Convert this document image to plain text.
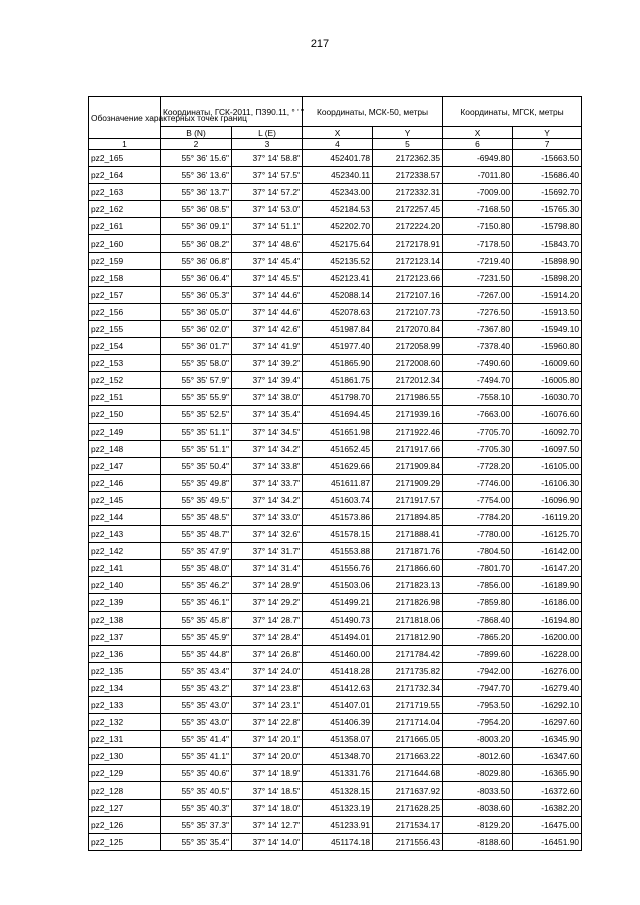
217
Обозначение характерных точек границ	Координаты, ГСК-2011, ПЗ90.11, ° ' "		Координаты, МСК-50, метры		Координаты, МГСК, метры	
	B (N)	L (E)	X	Y	X	Y
1	2	3	4	5	6	7
pz2_165	55° 36' 15.6"	37° 14' 58.8"	452401.78	2172362.35	-6949.80	-15663.50
pz2_164	55° 36' 13.6"	37° 14' 57.5"	452340.11	2172338.57	-7011.80	-15686.40
pz2_163	55° 36' 13.7"	37° 14' 57.2"	452343.00	2172332.31	-7009.00	-15692.70
pz2_162	55° 36' 08.5"	37° 14' 53.0"	452184.53	2172257.45	-7168.50	-15765.30
pz2_161	55° 36' 09.1"	37° 14' 51.1"	452202.70	2172224.20	-7150.80	-15798.80
pz2_160	55° 36' 08.2"	37° 14' 48.6"	452175.64	2172178.91	-7178.50	-15843.70
pz2_159	55° 36' 06.8"	37° 14' 45.4"	452135.52	2172123.14	-7219.40	-15898.90
pz2_158	55° 36' 06.4"	37° 14' 45.5"	452123.41	2172123.66	-7231.50	-15898.20
pz2_157	55° 36' 05.3"	37° 14' 44.6"	452088.14	2172107.16	-7267.00	-15914.20
pz2_156	55° 36' 05.0"	37° 14' 44.6"	452078.63	2172107.73	-7276.50	-15913.50
pz2_155	55° 36' 02.0"	37° 14' 42.6"	451987.84	2172070.84	-7367.80	-15949.10
pz2_154	55° 36' 01.7"	37° 14' 41.9"	451977.40	2172058.99	-7378.40	-15960.80
pz2_153	55° 35' 58.0"	37° 14' 39.2"	451865.90	2172008.60	-7490.60	-16009.60
pz2_152	55° 35' 57.9"	37° 14' 39.4"	451861.75	2172012.34	-7494.70	-16005.80
pz2_151	55° 35' 55.9"	37° 14' 38.0"	451798.70	2171986.55	-7558.10	-16030.70
pz2_150	55° 35' 52.5"	37° 14' 35.4"	451694.45	2171939.16	-7663.00	-16076.60
pz2_149	55° 35' 51.1"	37° 14' 34.5"	451651.98	2171922.46	-7705.70	-16092.70
pz2_148	55° 35' 51.1"	37° 14' 34.2"	451652.45	2171917.66	-7705.30	-16097.50
pz2_147	55° 35' 50.4"	37° 14' 33.8"	451629.66	2171909.84	-7728.20	-16105.00
pz2_146	55° 35' 49.8"	37° 14' 33.7"	451611.87	2171909.29	-7746.00	-16106.30
pz2_145	55° 35' 49.5"	37° 14' 34.2"	451603.74	2171917.57	-7754.00	-16096.90
pz2_144	55° 35' 48.5"	37° 14' 33.0"	451573.86	2171894.85	-7784.20	-16119.20
pz2_143	55° 35' 48.7"	37° 14' 32.6"	451578.15	2171888.41	-7780.00	-16125.70
pz2_142	55° 35' 47.9"	37° 14' 31.7"	451553.88	2171871.76	-7804.50	-16142.00
pz2_141	55° 35' 48.0"	37° 14' 31.4"	451556.76	2171866.60	-7801.70	-16147.20
pz2_140	55° 35' 46.2"	37° 14' 28.9"	451503.06	2171823.13	-7856.00	-16189.90
pz2_139	55° 35' 46.1"	37° 14' 29.2"	451499.21	2171826.98	-7859.80	-16186.00
pz2_138	55° 35' 45.8"	37° 14' 28.7"	451490.73	2171818.06	-7868.40	-16194.80
pz2_137	55° 35' 45.9"	37° 14' 28.4"	451494.01	2171812.90	-7865.20	-16200.00
pz2_136	55° 35' 44.8"	37° 14' 26.8"	451460.00	2171784.42	-7899.60	-16228.00
pz2_135	55° 35' 43.4"	37° 14' 24.0"	451418.28	2171735.82	-7942.00	-16276.00
pz2_134	55° 35' 43.2"	37° 14' 23.8"	451412.63	2171732.34	-7947.70	-16279.40
pz2_133	55° 35' 43.0"	37° 14' 23.1"	451407.01	2171719.55	-7953.50	-16292.10
pz2_132	55° 35' 43.0"	37° 14' 22.8"	451406.39	2171714.04	-7954.20	-16297.60
pz2_131	55° 35' 41.4"	37° 14' 20.1"	451358.07	2171665.05	-8003.20	-16345.90
pz2_130	55° 35' 41.1"	37° 14' 20.0"	451348.70	2171663.22	-8012.60	-16347.60
pz2_129	55° 35' 40.6"	37° 14' 18.9"	451331.76	2171644.68	-8029.80	-16365.90
pz2_128	55° 35' 40.5"	37° 14' 18.5"	451328.15	2171637.92	-8033.50	-16372.60
pz2_127	55° 35' 40.3"	37° 14' 18.0"	451323.19	2171628.25	-8038.60	-16382.20
pz2_126	55° 35' 37.3"	37° 14' 12.7"	451233.91	2171534.17	-8129.20	-16475.00
pz2_125	55° 35' 35.4"	37° 14' 14.0"	451174.18	2171556.43	-8188.60	-16451.90
